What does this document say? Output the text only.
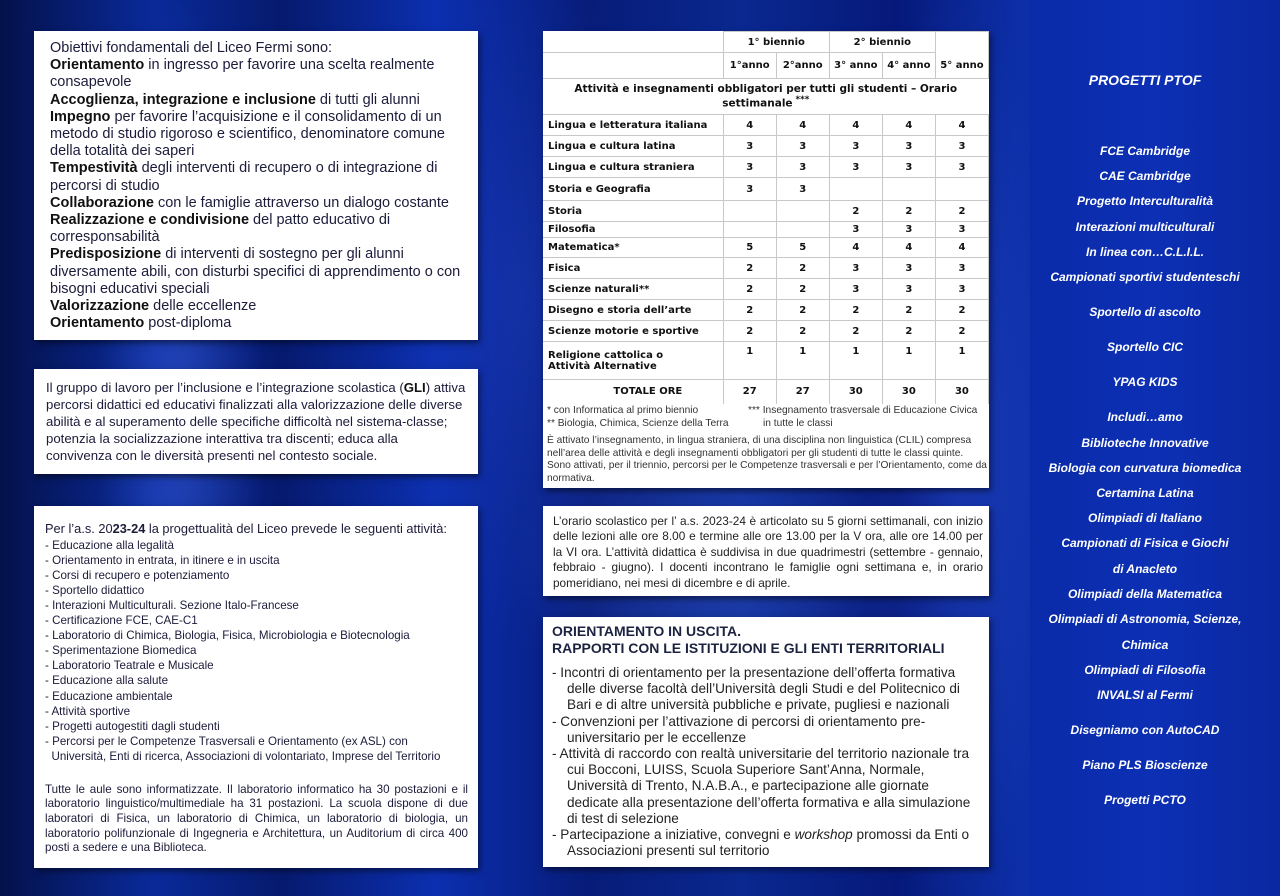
Obiettivi fondamentali del Liceo Fermi sono:
Orientamento in ingresso per favorire una scelta realmente consapevole
Accoglienza, integrazione e inclusione di tutti gli alunni
Impegno per favorire l’acquisizione e il consolidamento di un metodo di studio rigoroso e scientifico, denominatore comune della totalità dei saperi
Tempestività degli interventi di recupero o di integrazione di percorsi di studio
Collaborazione con le famiglie attraverso un dialogo costante
Realizzazione e condivisione del patto educativo di corresponsabilità
Predisposizione di interventi di sostegno per gli alunni diversamente abili, con disturbi specifici di apprendimento o con bisogni educativi speciali
Valorizzazione delle eccellenze
Orientamento post-diploma
Il gruppo di lavoro per l’inclusione e l’integrazione scolastica (GLI) attiva percorsi didattici ed educativi finalizzati alla valorizzazione delle diverse abilità e al superamento delle specifiche difficoltà nel sistema-classe; potenzia la socializzazione interattiva tra discenti; educa alla convivenza con le diversità presenti nel contesto sociale.
Per l’a.s. 2023-24 la progettualità del Liceo prevede le seguenti attività:
- Educazione alla legalità
- Orientamento in entrata, in itinere e in uscita
- Corsi di recupero e potenziamento
- Sportello didattico
- Interazioni Multiculturali. Sezione Italo-Francese
- Certificazione FCE, CAE-C1
- Laboratorio di Chimica, Biologia, Fisica, Microbiologia e Biotecnologia
- Sperimentazione Biomedica
- Laboratorio Teatrale e Musicale
- Educazione alla salute
- Educazione ambientale
- Attività sportive
- Progetti autogestiti dagli studenti
- Percorsi per le Competenze Trasversali e Orientamento (ex ASL) con
Università, Enti di ricerca, Associazioni di volontariato, Imprese del Territorio
Tutte le aule sono informatizzate. Il laboratorio informatico ha 30 postazioni e il laboratorio linguistico/multimediale ha 31 postazioni. La scuola dispone di due laboratori di Fisica, un laboratorio di Chimica, un laboratorio di biologia, un laboratorio polifunzionale di Ingegneria e Architettura, un Auditorium di circa 400 posti a sedere e una Biblioteca.
	1° biennio		2° biennio		
	1°anno	2°anno	3° anno	4° anno	5° anno
Attività e insegnamenti obbligatori per tutti gli studenti – Orario settimanale ***
Lingua e letteratura italiana	4	4	4	4	4
Lingua e cultura latina	3	3	3	3	3
Lingua e cultura straniera	3	3	3	3	3
Storia e Geografia	3	3			
Storia			2	2	2
Filosofia			3	3	3
Matematica*	5	5	4	4	4
Fisica	2	2	3	3	3
Scienze naturali**	2	2	3	3	3
Disegno e storia dell’arte	2	2	2	2	2
Scienze motorie e sportive	2	2	2	2	2

Religione cattolica o
Attività Alternative	1	1	1	1	1
TOTALE ORE	27	27	30	30	30
* con Informatica al primo biennio
** Biologia, Chimica, Scienze della Terra
*** Insegnamento trasversale di Educazione Civica
in tutte le classi
È attivato l’insegnamento, in lingua straniera, di una disciplina non linguistica (CLIL) compresa nell’area delle attività e degli insegnamenti obbligatori per gli studenti di tutte le classi quinte.
Sono attivati, per il triennio, percorsi per le Competenze trasversali e per l’Orientamento, come da normativa.
L’orario scolastico per l’ a.s. 2023-24 è articolato su 5 giorni settimanali, con inizio delle lezioni alle ore 8.00 e termine alle ore 13.00 per la V ora, alle ore 14.00 per la VI ora. L’attività didattica è suddivisa in due quadrimestri (settembre - gennaio, febbraio - giugno). I docenti incontrano le famiglie ogni settimana e, in orario pomeridiano, nei mesi di dicembre e di aprile.
.
ORIENTAMENTO IN USCITA.
RAPPORTI CON LE ISTITUZIONI E GLI ENTI TERRITORIALI
- Incontri di orientamento per la presentazione dell’offerta formativa delle diverse facoltà dell’Università degli Studi e del Politecnico di Bari e di altre università pubbliche e private, pugliesi e nazionali
- Convenzioni per l’attivazione di percorsi di orientamento pre-universitario per le eccellenze
- Attività di raccordo con realtà universitarie del territorio nazionale tra cui Bocconi, LUISS, Scuola Superiore Sant’Anna, Normale, Università di Trento, N.A.B.A., e partecipazione alle giornate dedicate alla presentazione dell’offerta formativa e alla simulazione di test di selezione
- Partecipazione a iniziative, convegni e workshop promossi da Enti o Associazioni presenti sul territorio
PROGETTI PTOF
FCE Cambridge
CAE Cambridge
Progetto Interculturalità
Interazioni multiculturali
In linea con…C.L.I.L.
Campionati sportivi studenteschi
Sportello di ascolto
Sportello CIC
YPAG KIDS
Includi…amo
Biblioteche Innovative
Biologia con curvatura biomedica
Certamina Latina
Olimpiadi di Italiano
Campionati di Fisica e Giochi
di Anacleto
Olimpiadi della Matematica
Olimpiadi di Astronomia, Scienze,
Chimica
Olimpiadi di Filosofia
INVALSI al Fermi
Disegniamo con AutoCAD
Piano PLS Bioscienze
Progetti PCTO
